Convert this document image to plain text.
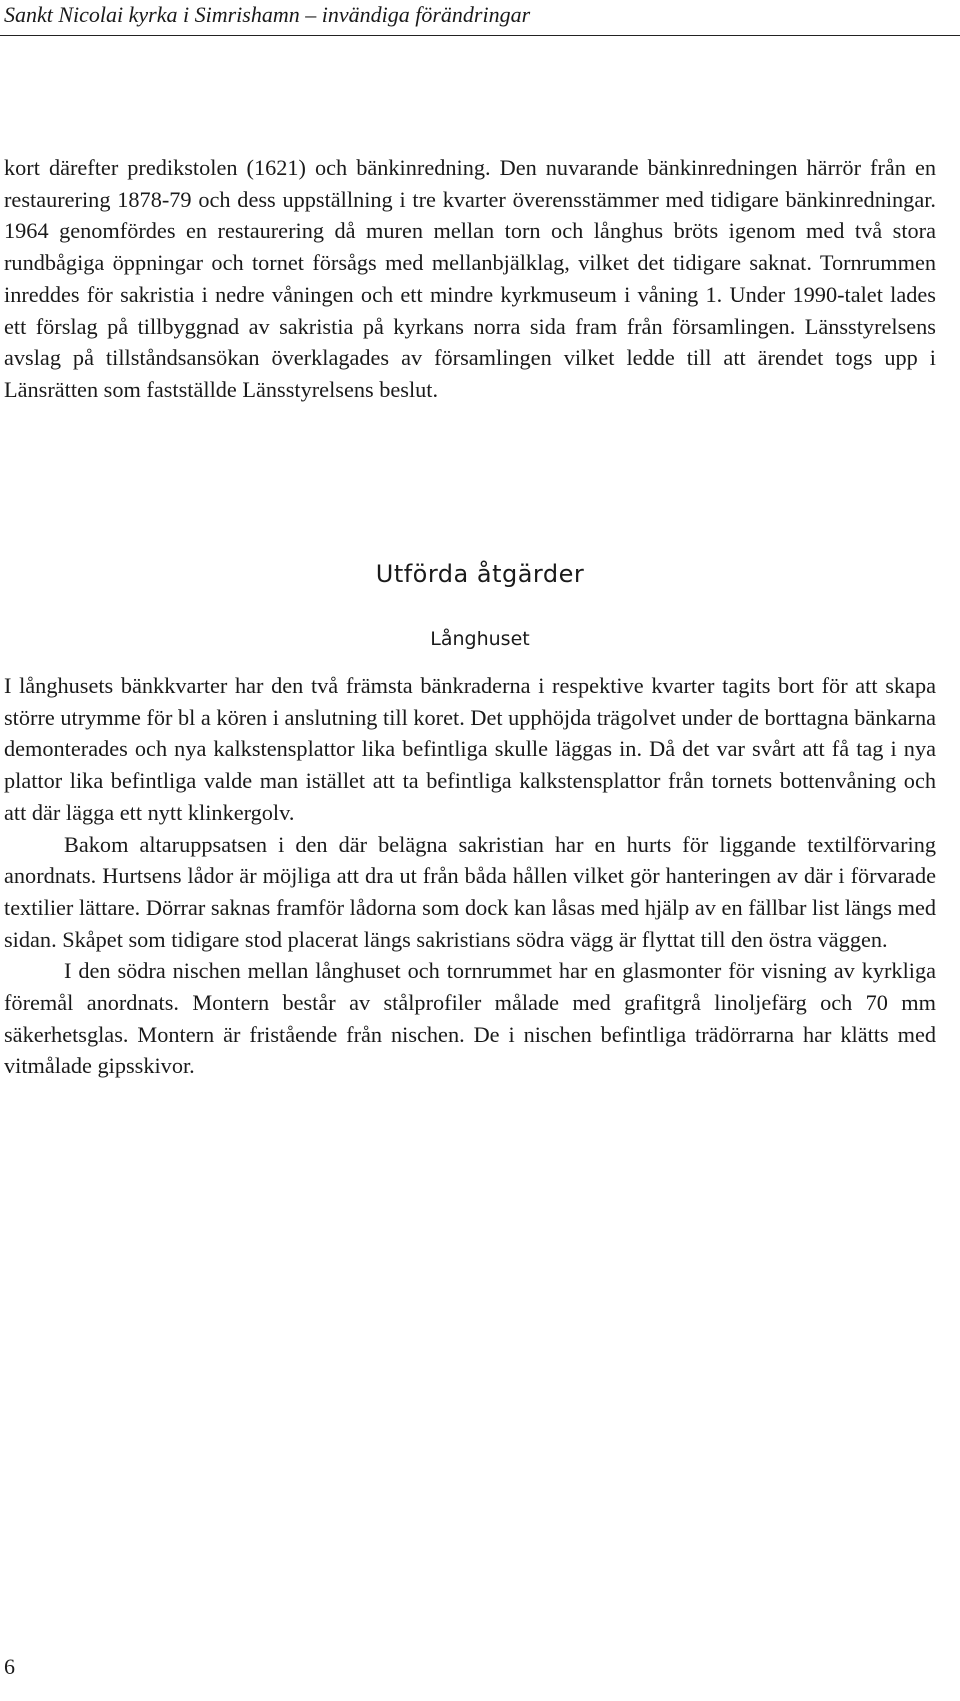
Sankt Nicolai kyrka i Simrishamn – invändiga förändringar

kort därefter predikstolen (1621) och bänkinredning. Den nuvarande bänkinredningen härrör från en restaurering 1878-79 och dess uppställning i tre kvarter överensstämmer med tidigare bänkinredningar. 1964 genomfördes en restaurering då muren mellan torn och långhus bröts igenom med två stora rundbågiga öppningar och tornet försågs med mellanbjälklag, vilket det tidigare saknat. Tornrummen inreddes för sakristia i nedre våningen och ett mindre kyrkmuseum i våning 1. Under 1990-talet lades ett förslag på tillbyggnad av sakristia på kyrkans norra sida fram från församlingen. Länsstyrelsens avslag på tillståndsansökan överklagades av församlingen vilket ledde till att ärendet togs upp i Länsrätten som fastställde Länsstyrelsens beslut.

Utförda åtgärder
Långhuset

I långhusets bänkkvarter har den två främsta bänkraderna i respektive kvarter tagits bort för att skapa större utrymme för bl a kören i anslutning till koret. Det upphöjda trägolvet under de borttagna bänkarna demonterades och nya kalkstensplattor lika befintliga skulle läggas in. Då det var svårt att få tag i nya plattor lika befintliga valde man istället att ta befintliga kalkstensplattor från tornets bottenvåning och att där lägga ett nytt klinkergolv.

Bakom altaruppsatsen i den där belägna sakristian har en hurts för liggande textilförvaring anordnats. Hurtsens lådor är möjliga att dra ut från båda hållen vilket gör hanteringen av där i förvarade textilier lättare. Dörrar saknas framför lådorna som dock kan låsas med hjälp av en fällbar list längs med sidan. Skåpet som tidigare stod placerat längs sakristians södra vägg är flyttat till den östra väggen.

I den södra nischen mellan långhuset och tornrummet har en glasmonter för visning av kyrkliga föremål anordnats. Montern består av stålprofiler målade med grafitgrå linoljefärg och 70 mm säkerhetsglas. Montern är fristående från nischen. De i nischen befintliga trädörrarna har klätts med vitmålade gipsskivor.

6
